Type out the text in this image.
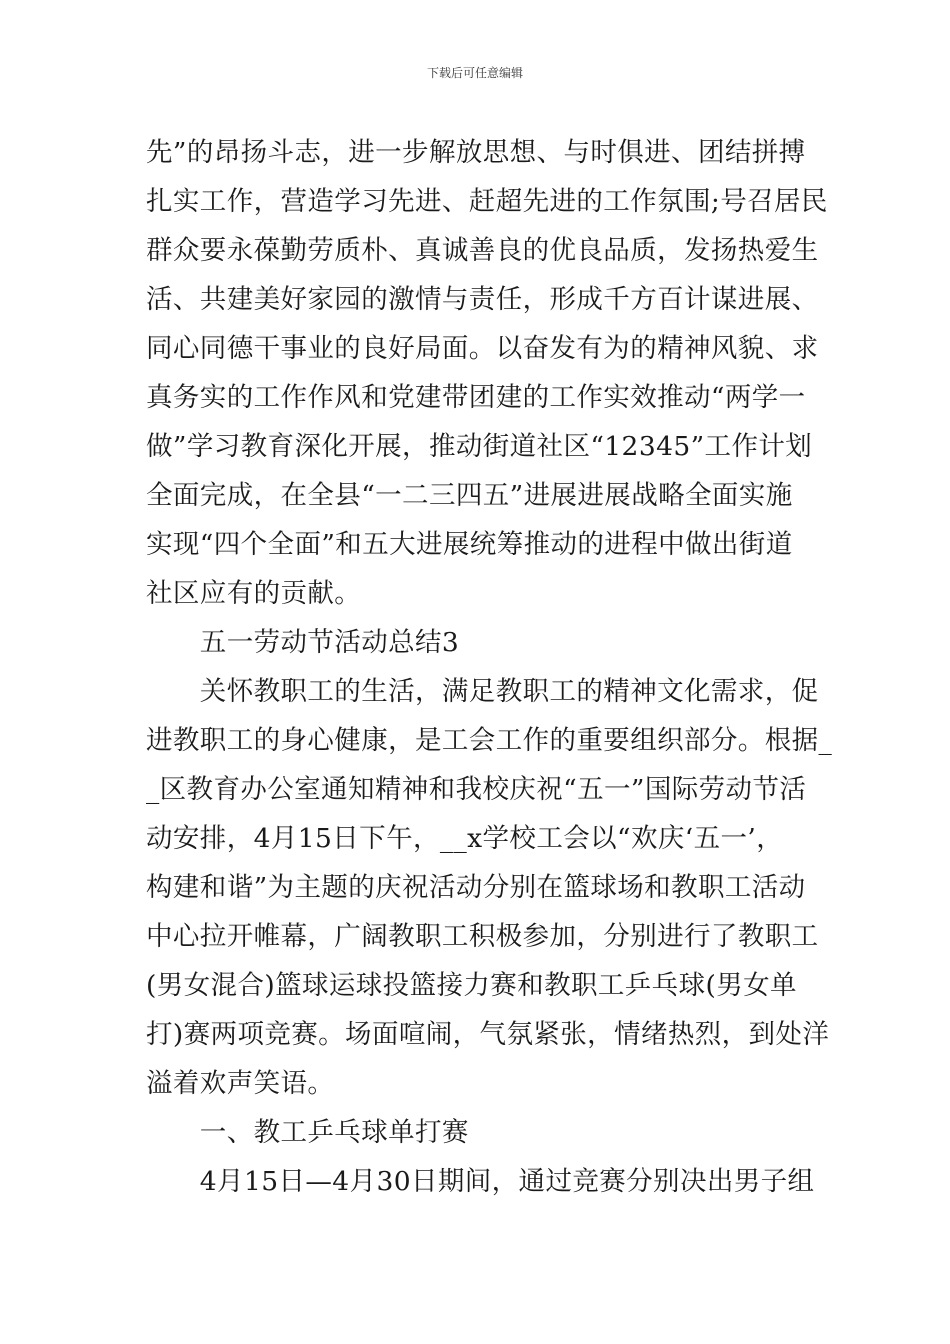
下载后可任意编辑
先”的昂扬斗志，进一步解放思想、与时俱进、团结拼搏
扎实工作，营造学习先进、赶超先进的工作氛围;号召居民
群众要永葆勤劳质朴、真诚善良的优良品质，发扬热爱生
活、共建美好家园的激情与责任，形成千方百计谋进展、
同心同德干事业的良好局面。以奋发有为的精神风貌、求
真务实的工作作风和党建带团建的工作实效推动“两学一
做”学习教育深化开展，推动街道社区“12345”工作计划
全面完成，在全县“一二三四五”进展进展战略全面实施
实现“四个全面”和五大进展统筹推动的进程中做出街道
社区应有的贡献。
　　五一劳动节活动总结3
　　关怀教职工的生活，满足教职工的精神文化需求，促
进教职工的身心健康，是工会工作的重要组织部分。根据_
_区教育办公室通知精神和我校庆祝“五一”国际劳动节活
动安排，4月15日下午，__x学校工会以“欢庆‘五一’，
构建和谐”为主题的庆祝活动分别在篮球场和教职工活动
中心拉开帷幕，广阔教职工积极参加，分别进行了教职工
(男女混合)篮球运球投篮接力赛和教职工乒乓球(男女单
打)赛两项竞赛。场面喧闹，气氛紧张，情绪热烈，到处洋
溢着欢声笑语。
　　一、教工乒乓球单打赛
　　4月15日—4月30日期间，通过竞赛分别决出男子组
